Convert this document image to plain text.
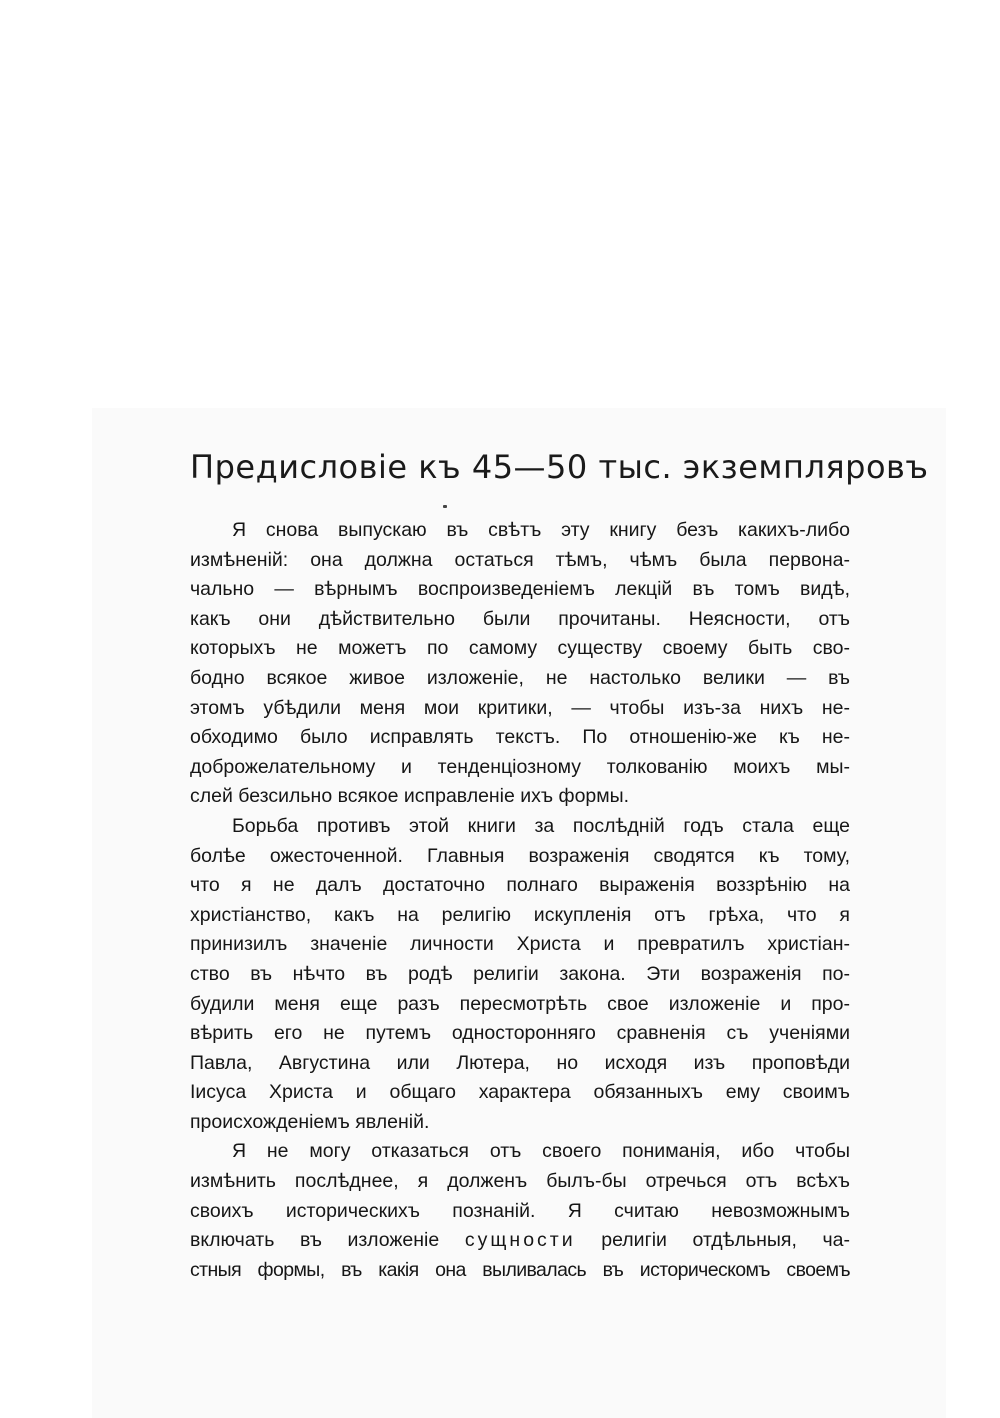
Предисловіе къ 45—50 тыс. экземпляровъ

Я снова выпускаю въ свѣтъ эту книгу безъ какихъ-либо
измѣненій: она должна остаться тѣмъ, чѣмъ была первона-
чально — вѣрнымъ воспроизведеніемъ лекцій въ томъ видѣ,
какъ они дѣйствительно были прочитаны. Неясности, отъ
которыхъ не можетъ по самому существу своему быть сво-
бодно всякое живое изложеніе, не настолько велики — въ
этомъ убѣдили меня мои критики, — чтобы изъ-за нихъ не-
обходимо было исправлять текстъ. По отношенію-же къ не-
доброжелательному и тенденціозному толкованію моихъ мы-
слей безсильно всякое исправленіе ихъ формы.

Борьба противъ этой книги за послѣдній годъ стала еще
болѣе ожесточенной. Главныя возраженія сводятся къ тому,
что я не далъ достаточно полнаго выраженія воззрѣнію на
христіанство, какъ на религію искупленія отъ грѣха, что я
принизилъ значеніе личности Христа и превратилъ христіан-
ство въ нѣчто въ родѣ религіи закона. Эти возраженія по-
будили меня еще разъ пересмотрѣть свое изложеніе и про-
вѣрить его не путемъ односторонняго сравненія съ ученіями
Павла, Августина или Лютера, но исходя изъ проповѣди
Іисуса Христа и общаго характера обязанныхъ ему своимъ
происхожденіемъ явленій.

Я не могу отказаться отъ своего пониманія, ибо чтобы
измѣнить послѣднее, я долженъ былъ-бы отречься отъ всѣхъ
своихъ историческихъ познаній. Я считаю невозможнымъ
включать въ изложеніе сущности религіи отдѣльныя, ча-
стныя формы, въ какія она выливалась въ историческомъ своемъ
